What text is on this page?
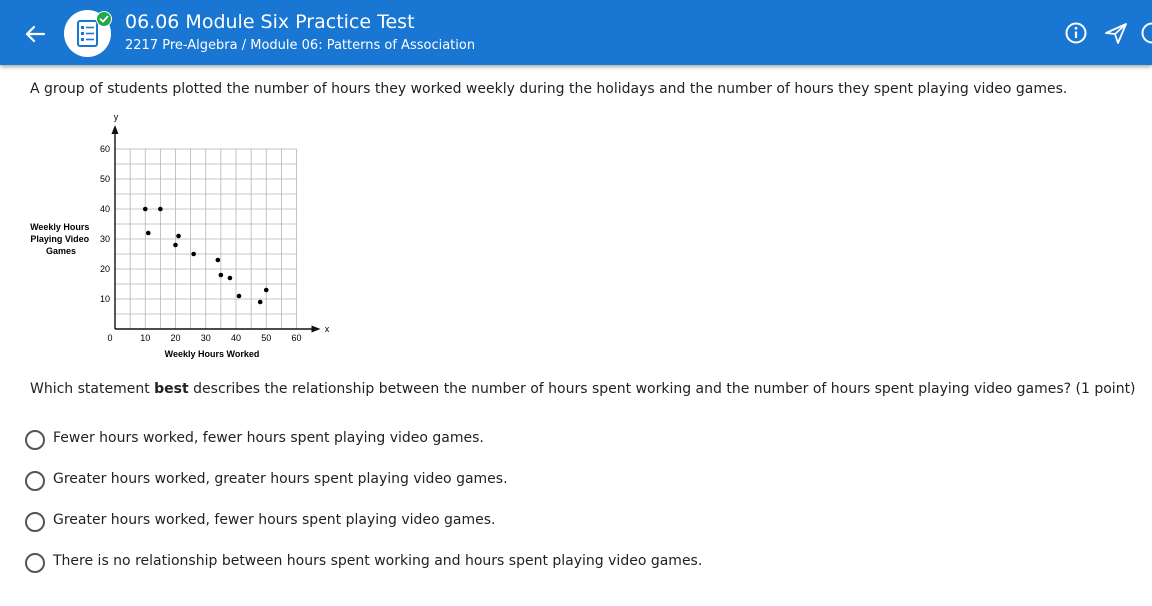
06.06 Module Six Practice Test
2217 Pre-Algebra / Module 06: Patterns of Association
A group of students plotted the number of hours they worked weekly during the holidays and the number of hours they spent playing video games.
10 20 30 40 50 60
10
20
30
40
50
60
y
x
0
Weekly Hours Worked
Weekly Hours Playing Video Games
Which statement best describes the relationship between the number of hours spent working and the number of hours spent playing video games? (1 point)
Fewer hours worked, fewer hours spent playing video games.
Greater hours worked, greater hours spent playing video games.
Greater hours worked, fewer hours spent playing video games.
There is no relationship between hours spent working and hours spent playing video games.
